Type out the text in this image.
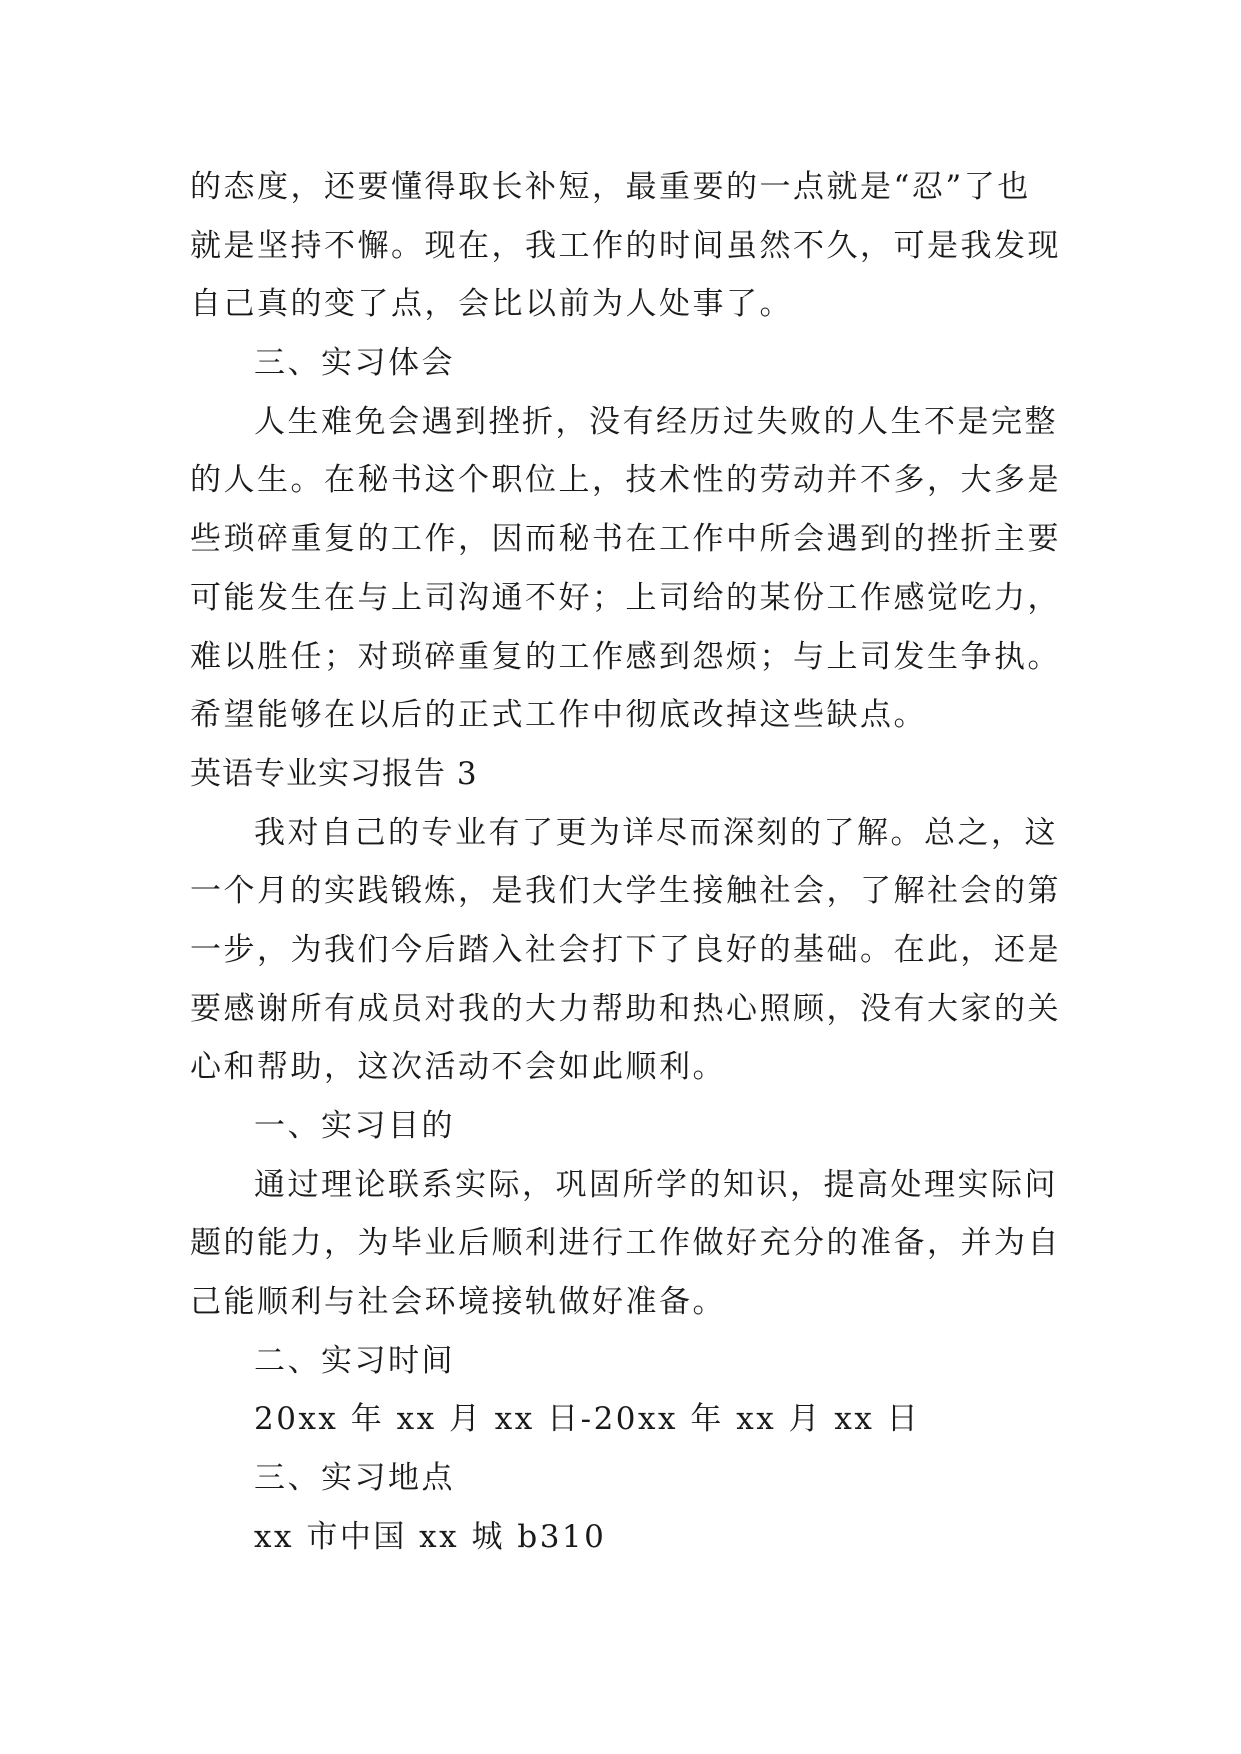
的态度，还要懂得取长补短，最重要的一点就是“忍”了也
就是坚持不懈。现在，我工作的时间虽然不久，可是我发现
自己真的变了点，会比以前为人处事了。
三、实习体会
人生难免会遇到挫折，没有经历过失败的人生不是完整
的人生。在秘书这个职位上，技术性的劳动并不多，大多是
些琐碎重复的工作，因而秘书在工作中所会遇到的挫折主要
可能发生在与上司沟通不好；上司给的某份工作感觉吃力，
难以胜任；对琐碎重复的工作感到怨烦；与上司发生争执。
希望能够在以后的正式工作中彻底改掉这些缺点。
英语专业实习报告 3
我对自己的专业有了更为详尽而深刻的了解。总之，这
一个月的实践锻炼，是我们大学生接触社会，了解社会的第
一步，为我们今后踏入社会打下了良好的基础。在此，还是
要感谢所有成员对我的大力帮助和热心照顾，没有大家的关
心和帮助，这次活动不会如此顺利。
一、实习目的
通过理论联系实际，巩固所学的知识，提高处理实际问
题的能力，为毕业后顺利进行工作做好充分的准备，并为自
己能顺利与社会环境接轨做好准备。
二、实习时间
20xx 年 xx 月 xx 日-20xx 年 xx 月 xx 日
三、实习地点
xx 市中国 xx 城 b310
